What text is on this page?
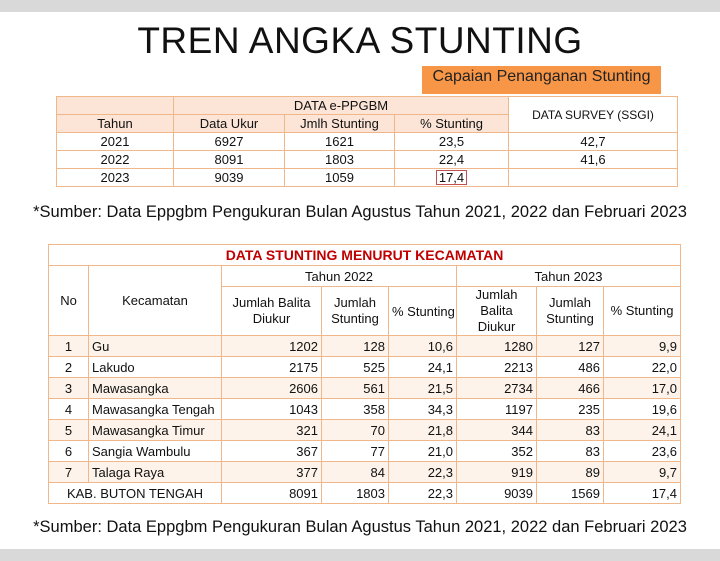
TREN ANGKA STUNTING
Capaian Penanganan Stunting
	DATA e-PPGBM			DATA SURVEY (SSGI)
Tahun	Data Ukur	Jmlh Stunting	% Stunting	
2021	6927	1621	23,5	42,7
2022	8091	1803	22,4	41,6
2023	9039	1059	17,4	
*Sumber: Data Eppgbm Pengukuran Bulan Agustus Tahun 2021, 2022 dan Februari 2023
DATA STUNTING MENURUT KECAMATAN							
No	Kecamatan	Tahun 2022			Tahun 2023		
		Jumlah Balita Diukur	Jumlah Stunting	% Stunting	Jumlah Balita Diukur	Jumlah Stunting	% Stunting
1	Gu	1202	128	10,6	1280	127	9,9
2	Lakudo	2175	525	24,1	2213	486	22,0
3	Mawasangka	2606	561	21,5	2734	466	17,0
4	Mawasangka Tengah	1043	358	34,3	1197	235	19,6
5	Mawasangka Timur	321	70	21,8	344	83	24,1
6	Sangia Wambulu	367	77	21,0	352	83	23,6
7	Talaga Raya	377	84	22,3	919	89	9,7
KAB. BUTON TENGAH		8091	1803	22,3	9039	1569	17,4
*Sumber: Data Eppgbm Pengukuran Bulan Agustus Tahun 2021, 2022 dan Februari 2023
